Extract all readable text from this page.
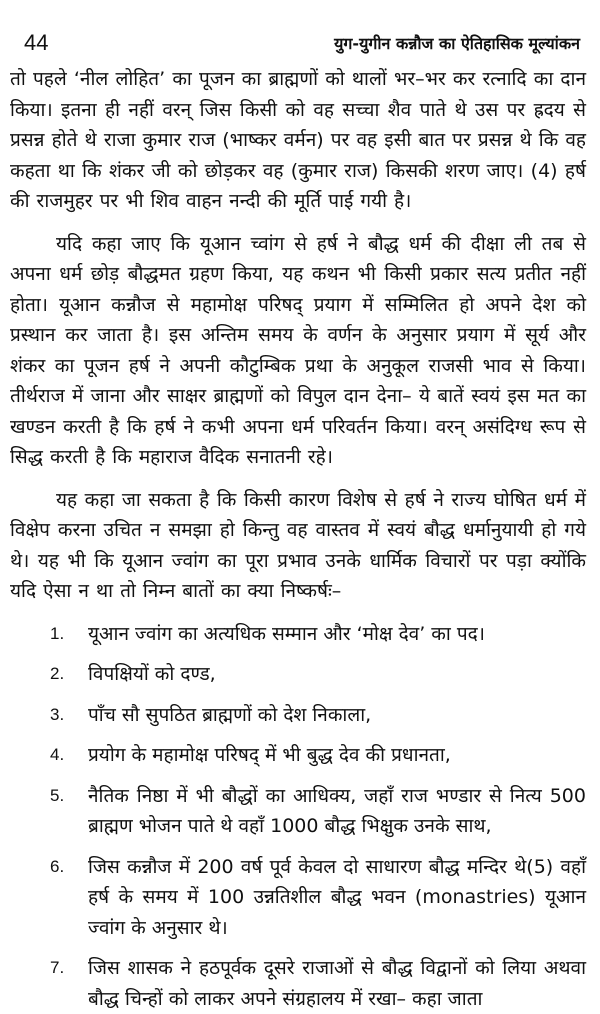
44	युग-युगीन कन्नौज का ऐतिहासिक मूल्यांकन

तो पहले ‘नील लोहित’ का पूजन का ब्राह्मणों को थालों भर–भर कर रत्नादि का दान किया। इतना ही नहीं वरन् जिस किसी को वह सच्चा शैव पाते थे उस पर ह्रदय से प्रसन्न होते थे राजा कुमार राज (भाष्कर वर्मन) पर वह इसी बात पर प्रसन्न थे कि वह कहता था कि शंकर जी को छोड़कर वह (कुमार राज) किसकी शरण जाए। (4) हर्ष की राजमुहर पर भी शिव वाहन नन्दी की मूर्ति पाई गयी है।

यदि कहा जाए कि यूआन च्वांग से हर्ष ने बौद्ध धर्म की दीक्षा ली तब से अपना धर्म छोड़ बौद्धमत ग्रहण किया, यह कथन भी किसी प्रकार सत्य प्रतीत नहीं होता। यूआन कन्नौज से महामोक्ष परिषद् प्रयाग में सम्मिलित हो अपने देश को प्रस्थान कर जाता है। इस अन्तिम समय के वर्णन के अनुसार प्रयाग में सूर्य और शंकर का पूजन हर्ष ने अपनी कौटुम्बिक प्रथा के अनुकूल राजसी भाव से किया। तीर्थराज में जाना और साक्षर ब्राह्मणों को विपुल दान देना– ये बातें स्वयं इस मत का खण्डन करती है कि हर्ष ने कभी अपना धर्म परिवर्तन किया। वरन् असंदिग्ध रूप से सिद्ध करती है कि महाराज वैदिक सनातनी रहे।

यह कहा जा सकता है कि किसी कारण विशेष से हर्ष ने राज्य घोषित धर्म में विक्षेप करना उचित न समझा हो किन्तु वह वास्तव में स्वयं बौद्ध धर्मानुयायी हो गये थे। यह भी कि यूआन ज्वांग का पूरा प्रभाव उनके धार्मिक विचारों पर पड़ा क्योंकि यदि ऐसा न था तो निम्न बातों का क्या निष्कर्षः–

1. यूआन ज्वांग का अत्यधिक सम्मान और ‘मोक्ष देव’ का पद।
2. विपक्षियों को दण्ड,
3. पाँच सौ सुपठित ब्राह्मणों को देश निकाला,
4. प्रयोग के महामोक्ष परिषद् में भी बुद्ध देव की प्रधानता,
5. नैतिक निष्ठा में भी बौद्धों का आधिक्य, जहाँ राज भण्डार से नित्य 500 ब्राह्मण भोजन पाते थे वहाँ 1000 बौद्ध भिक्षुक उनके साथ,
6. जिस कन्नौज में 200 वर्ष पूर्व केवल दो साधारण बौद्ध मन्दिर थे(5) वहाँ हर्ष के समय में 100 उन्नतिशील बौद्ध भवन (monastries) यूआन ज्वांग के अनुसार थे।
7. जिस शासक ने हठपूर्वक दूसरे राजाओं से बौद्ध विद्वानों को लिया अथवा बौद्ध चिन्हों को लाकर अपने संग्रहालय में रखा– कहा जाता
